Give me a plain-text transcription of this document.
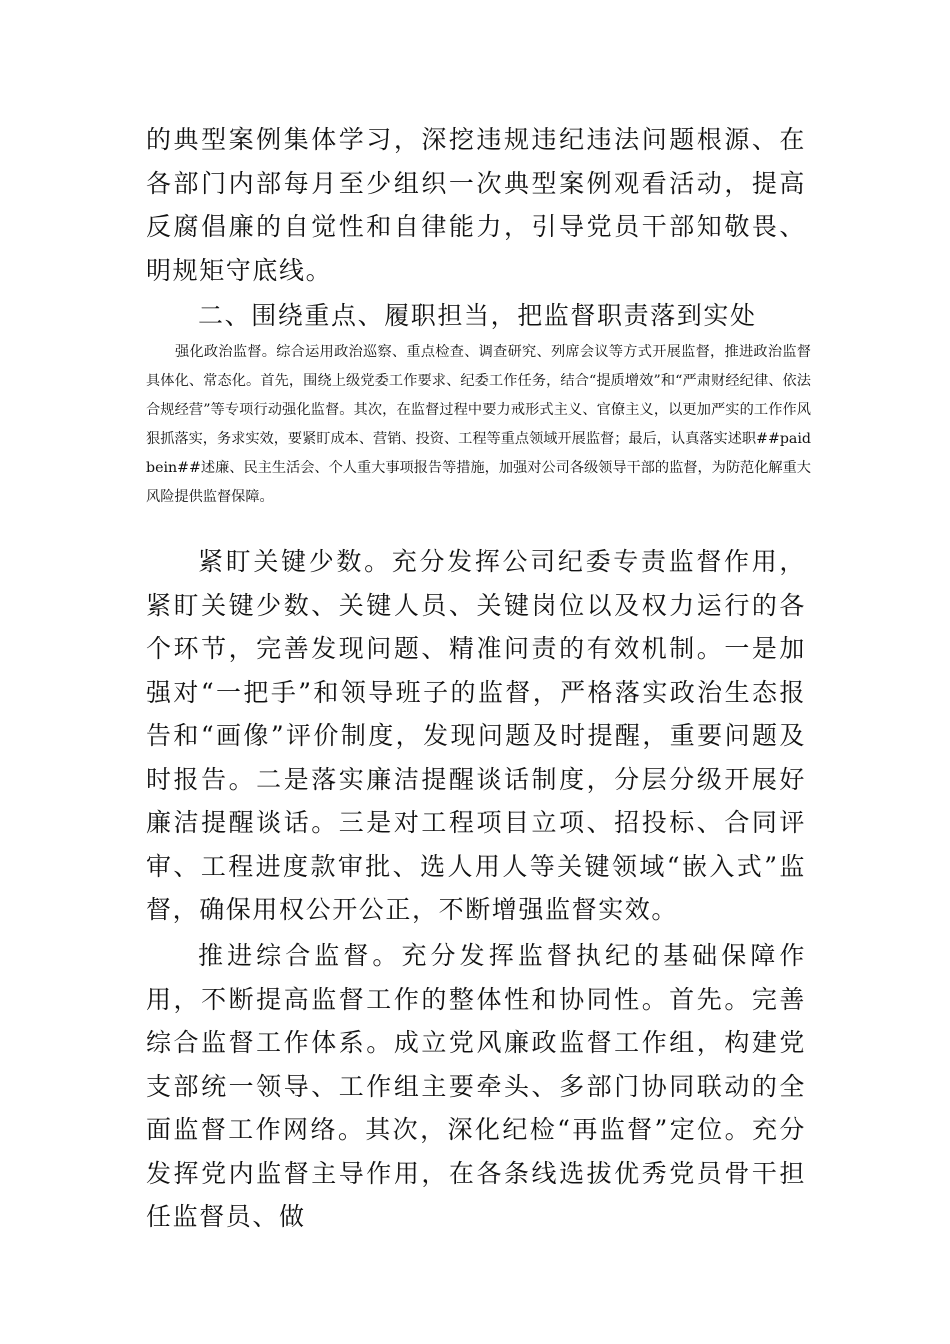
的典型案例集体学习，深挖违规违纪违法问题根源、在各部门内部每月至少组织一次典型案例观看活动，提高反腐倡廉的自觉性和自律能力，引导党员干部知敬畏、明规矩守底线。

二、围绕重点、履职担当，把监督职责落到实处

强化政治监督。综合运用政治巡察、重点检查、调查研究、列席会议等方式开展监督，推进政治监督具体化、常态化。首先，围绕上级党委工作要求、纪委工作任务，结合“提质增效”和“严肃财经纪律、依法合规经营”等专项行动强化监督。其次，在监督过程中要力戒形式主义、官僚主义，以更加严实的工作作风狠抓落实，务求实效，要紧盯成本、营销、投资、工程等重点领域开展监督；最后，认真落实述职##paidbein##述廉、民主生活会、个人重大事项报告等措施，加强对公司各级领导干部的监督，为防范化解重大风险提供监督保障。

紧盯关键少数。充分发挥公司纪委专责监督作用，紧盯关键少数、关键人员、关键岗位以及权力运行的各个环节，完善发现问题、精准问责的有效机制。一是加强对“一把手”和领导班子的监督，严格落实政治生态报告和“画像”评价制度，发现问题及时提醒，重要问题及时报告。二是落实廉洁提醒谈话制度，分层分级开展好廉洁提醒谈话。三是对工程项目立项、招投标、合同评审、工程进度款审批、选人用人等关键领域“嵌入式”监督，确保用权公开公正，不断增强监督实效。

推进综合监督。充分发挥监督执纪的基础保障作用，不断提高监督工作的整体性和协同性。首先。完善综合监督工作体系。成立党风廉政监督工作组，构建党支部统一领导、工作组主要牵头、多部门协同联动的全面监督工作网络。其次，深化纪检“再监督”定位。充分发挥党内监督主导作用，在各条线选拔优秀党员骨干担任监督员、做
